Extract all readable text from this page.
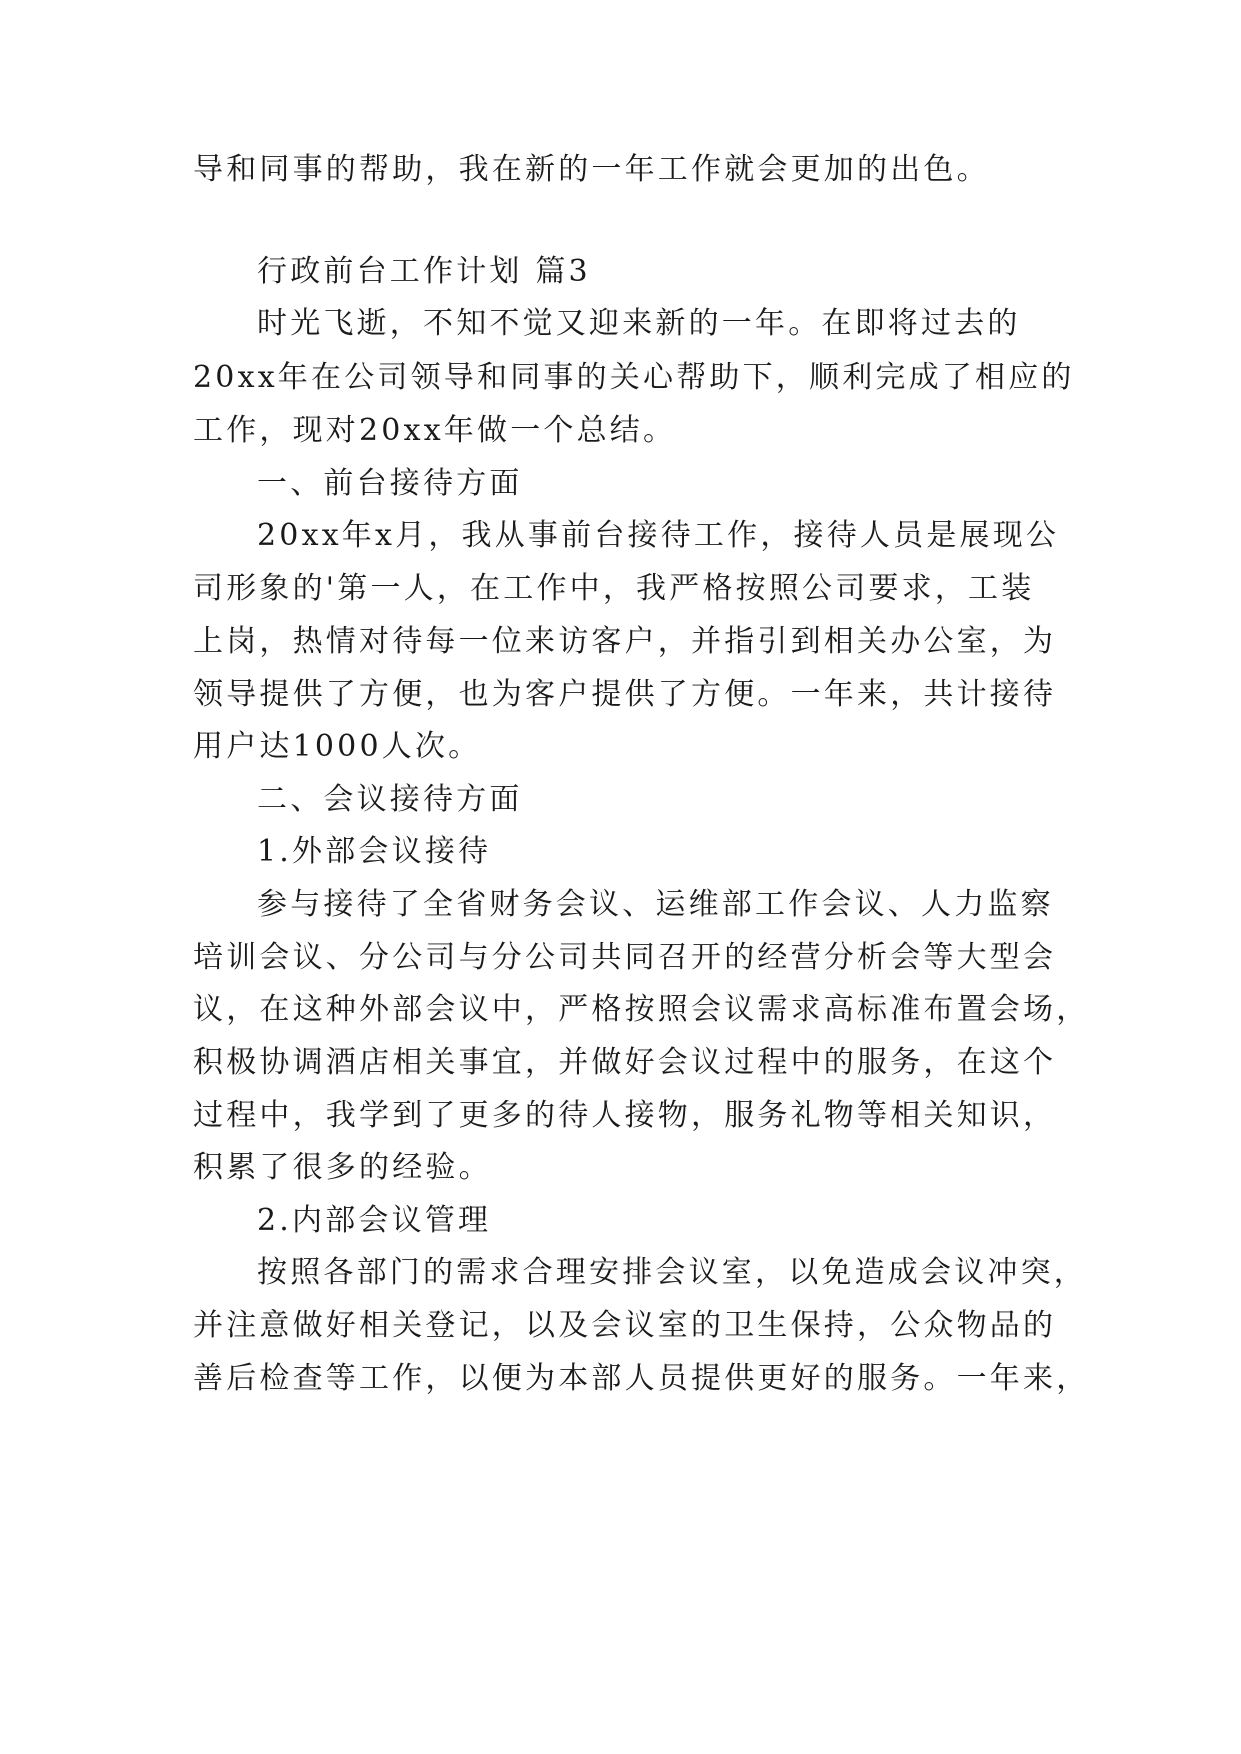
导和同事的帮助，我在新的一年工作就会更加的出色。
行政前台工作计划 篇3
时光飞逝，不知不觉又迎来新的一年。在即将过去的
20xx年在公司领导和同事的关心帮助下，顺利完成了相应的
工作，现对20xx年做一个总结。
一、前台接待方面
20xx年x月，我从事前台接待工作，接待人员是展现公
司形象的'第一人，在工作中，我严格按照公司要求，工装
上岗，热情对待每一位来访客户，并指引到相关办公室，为
领导提供了方便，也为客户提供了方便。一年来，共计接待
用户达1000人次。
二、会议接待方面
1.外部会议接待
参与接待了全省财务会议、运维部工作会议、人力监察
培训会议、分公司与分公司共同召开的经营分析会等大型会
议，在这种外部会议中，严格按照会议需求高标准布置会场，
积极协调酒店相关事宜，并做好会议过程中的服务，在这个
过程中，我学到了更多的待人接物，服务礼物等相关知识，
积累了很多的经验。
2.内部会议管理
按照各部门的需求合理安排会议室，以免造成会议冲突，
并注意做好相关登记，以及会议室的卫生保持，公众物品的
善后检查等工作，以便为本部人员提供更好的服务。一年来，
